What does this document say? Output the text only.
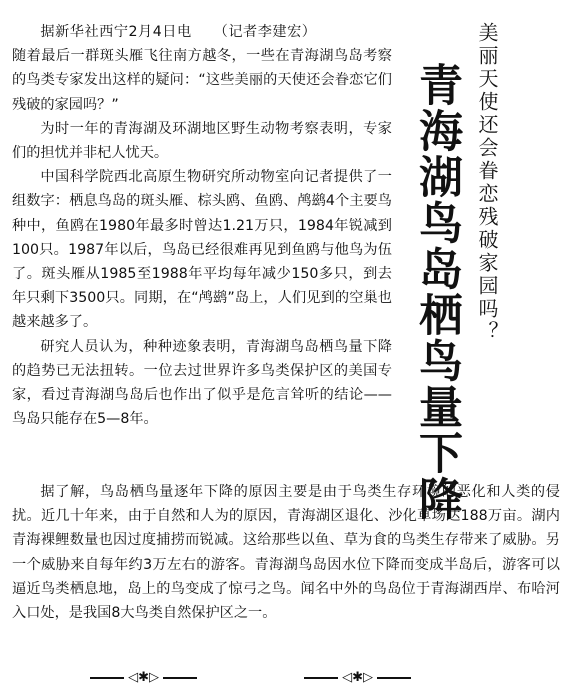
据新华社西宁2月4日电 （记者李建宏）

随着最后一群斑头雁飞往南方越冬，一些在青海湖鸟岛考察的鸟类专家发出这样的疑问：“这些美丽的天使还会眷恋它们残破的家园吗？”

为时一年的青海湖及环湖地区野生动物考察表明，专家们的担忧并非杞人忧天。

中国科学院西北高原生物研究所动物室向记者提供了一组数字：栖息鸟岛的斑头雁、棕头鸥、鱼鸥、鸬鹚4个主要鸟种中，鱼鸥在1980年最多时曾达1.21万只，1984年锐减到100只。1987年以后，鸟岛已经很难再见到鱼鸥与他鸟为伍了。斑头雁从1985至1988年平均每年减少150多只，到去年只剩下3500只。同期，在“鸬鹚”岛上，人们见到的空巢也越来越多了。

研究人员认为，种种迹象表明，青海湖鸟岛栖鸟量下降的趋势已无法扭转。一位去过世界许多鸟类保护区的美国专家，看过青海湖鸟岛后也作出了似乎是危言耸听的结论——鸟岛只能存在5—8年。	青海湖鸟岛栖鸟量下降 美丽天使还会眷恋残破家园吗？

据了解，鸟岛栖鸟量逐年下降的原因主要是由于鸟类生存环境的恶化和人类的侵扰。近几十年来，由于自然和人为的原因，青海湖区退化、沙化草场达188万亩。湖内青海裸鲤数量也因过度捕捞而锐减。这给那些以鱼、草为食的鸟类生存带来了威胁。另一个威胁来自每年约3万左右的游客。青海湖鸟岛因水位下降而变成半岛后，游客可以逼近鸟类栖息地，岛上的鸟变成了惊弓之鸟。闻名中外的鸟岛位于青海湖西岸、布哈河入口处，是我国8大鸟类自然保护区之一。

◁✱▷	◁✱▷
